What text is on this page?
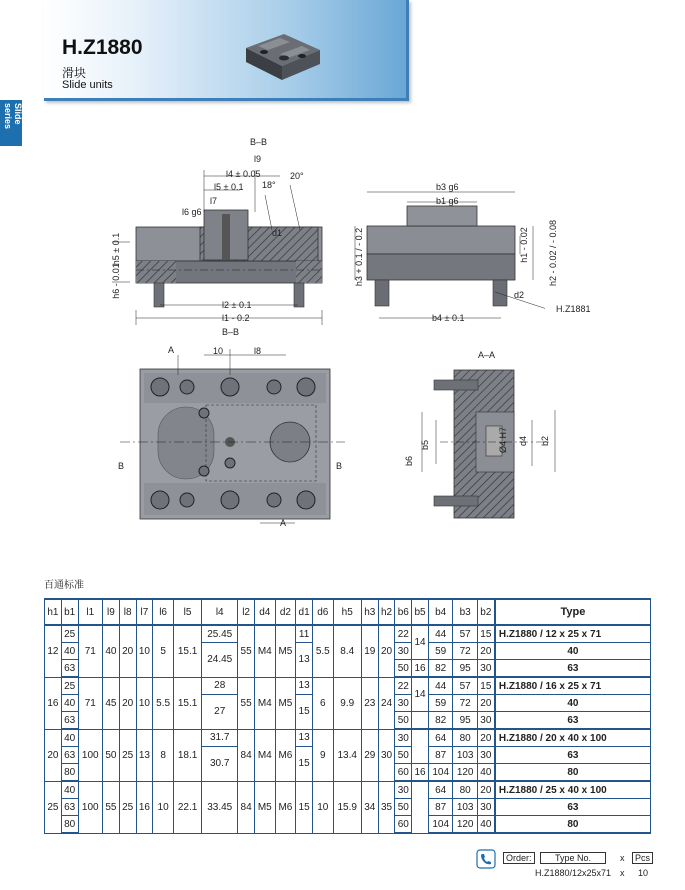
H.Z1880
滑块
Slide units
Slide series
B–B
l9
l4 ± 0.05
l5 ± 0.1
l7
l6 g6
18°
20°
d1
h5 ± 0.1
h6 - 0.01
l2 ± 0.1
l1 - 0.2
B–B
b3 g6
b1 g6
h3 + 0.1 / - 0.2	h1 - 0.02 h2 - 0.02 / - 0.08
d2
H.Z1881
b4 ± 0.1
A	10	l8
B	B
A
A–A
b5
b6
Ø4 H7 d4 b2
百通标准
h1	b1	l1	l9	l8	l7	l6	l5	l4	l2	d4	d2	d1	d6	h5	h3	h2	b6	b5	b4	b3	b2	Type
12	25	71	40	20	10	5	15.1	25.45	55	M4	M5	11	5.5	8.4	19	20	22	14	44	57	15	H.Z1880 / 12 x 25 x 71
	40							24.45				13					30		59	72	20	40
	63																50	16	82	95	30	63
16	25	71	45	20	10	5.5	15.1	28	55	M4	M5	13	6	9.9	23	24	22	14	44	57	15	H.Z1880 / 16 x 25 x 71
	40							27				15					30		59	72	20	40
	63																50		82	95	30	63
20	40	100	50	25	13	8	18.1	31.7	84	M4	M6	13	9	13.4	29	30	30		64	80	20	H.Z1880 / 20 x 40 x 100
	63							30.7				15					50		87	103	30	63
	80																60	16	104	120	40	80
25	40	100	55	25	16	10	22.1	33.45	84	M5	M6	15	10	15.9	34	35	30		64	80	20	H.Z1880 / 25 x 40 x 100
	63																50		87	103	30	63
	80																60		104	120	40	80
Order:	Type No.	x	Pcs
H.Z1880/12x25x71 x 10
